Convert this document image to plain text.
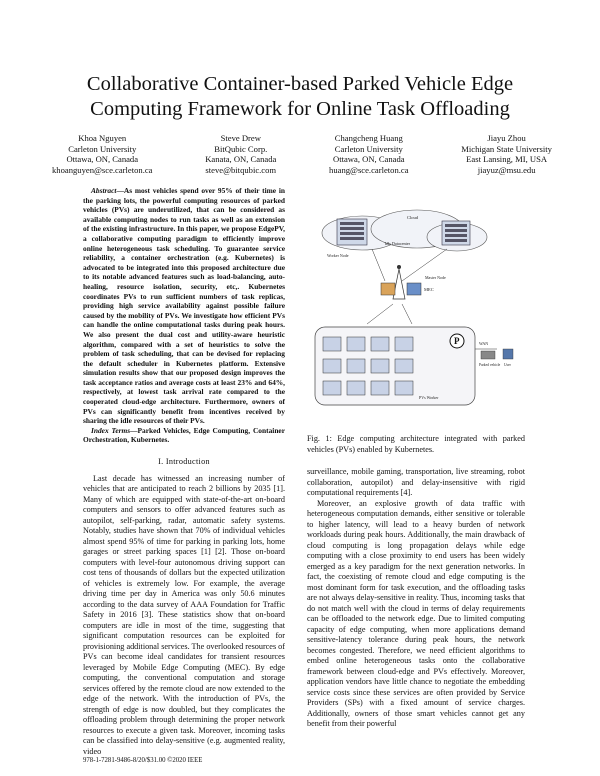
Collaborative Container-based Parked Vehicle Edge
Computing Framework for Online Task Offloading
Khoa Nguyen
Carleton University
Ottawa, ON, Canada
khoanguyen@sce.carleton.ca
Steve Drew
BitQubic Corp.
Kanata, ON, Canada
steve@bitqubic.com
Changcheng Huang
Carleton University
Ottawa, ON, Canada
huang@sce.carleton.ca
Jiayu Zhou
Michigan State University
East Lansing, MI, USA
jiayuz@msu.edu

Abstract—As most vehicles spend over 95% of their time in the parking lots, the powerful computing resources of parked vehicles (PVs) are underutilized, that can be considered as available computing nodes to run tasks as well as an extension of the existing infrastructure. In this paper, we propose EdgePV, a collaborative computing paradigm to efficiently improve online heterogeneous task scheduling. To guarantee service reliability, a container orchestration (e.g. Kubernetes) is advocated to be integrated into this proposed architecture due to its notable advanced features such as load-balancing, auto-healing, resource isolation, security, etc,. Kubernetes coordinates PVs to run sufficient numbers of task replicas, providing high service availability against possible failure caused by the mobility of PVs. We investigate how efficient PVs can handle the online computational tasks during peak hours. We also present the dual cost and utility-aware heuristic algorithm, compared with a set of heuristics to solve the problem of task scheduling, that can be devised for replacing the default scheduler in Kubernetes platform. Extensive simulation results show that our proposed design improves the task acceptance ratios and average costs at least 23% and 64%, respectively, at lowest task arrival rate compared to the cooperated cloud-edge architecture. Furthermore, owners of PVs can significantly benefit from incentives received by sharing the idle resources of their PVs.

Index Terms—Parked Vehicles, Edge Computing, Container Orchestration, Kubernetes.

I. Introduction

Last decade has witnessed an increasing number of vehicles that are anticipated to reach 2 billions by 2035 [1]. Many of which are equipped with state-of-the-art on-board computers and sensors to offer advanced features such as autopilot, self-parking, radar, automatic safety systems. Notably, studies have shown that 70% of individual vehicles almost spend 95% of time for parking in parking lots, home garages or street parking spaces [1] [2]. Those on-board computers with level-four autonomous driving support can cost tens of thousands of dollars but the expected utilization of vehicles is extremely low. For example, the average driving time per day in America was only 50.6 minutes according to the data survey of AAA Foundation for Traffic Safety in 2016 [3]. These statistics show that on-board computers are idle in most of the time, suggesting that significant computation resources can be exploited for provisioning additional services. The overlooked resources of PVs can become ideal candidates for transient resources leveraged by Mobile Edge Computing (MEC). By edge computing, the conventional computation and storage services offered by the remote cloud are now extended to the edge of the network. With the introduction of PVs, the strength of edge is now doubled, but they complicates the offloading problem through determining the proper network resources to execute a given task. Moreover, incoming tasks can be classified into delay-sensitive (e.g. augmented reality, video

k8s Datacenter
Cloud
MEC
Master Node
PVs Worker
P	WAN
Parked vehicle User
Worker Node
Fig. 1: Edge computing architecture integrated with parked vehicles (PVs) enabled by Kubernetes.

surveillance, mobile gaming, transportation, live streaming, robot collaboration, autopilot) and delay-insensitive with rigid computational requirements [4].

Moreover, an explosive growth of data traffic with heterogeneous computation demands, either sensitive or tolerable to higher latency, will lead to a heavy burden of network workloads during peak hours. Additionally, the main drawback of cloud computing is long propagation delays while edge computing with a close proximity to end users has been widely emerged as a key paradigm for the next generation networks. In fact, the coexisting of remote cloud and edge computing is the most dominant form for task execution, and the offloading tasks are not always delay-sensitive in reality. Thus, incoming tasks that do not match well with the cloud in terms of delay requirements can be offloaded to the network edge. Due to limited computing capacity of edge computing, when more applications demand sensitive-latency tolerance during peak hours, the network becomes congested. Therefore, we need efficient algorithms to embed online heterogeneous tasks onto the collaborative framework between cloud-edge and PVs effectively. Moreover, application vendors have little chance to negotiate the embedding service costs since these services are often provided by Service Providers (SPs) with a fixed amount of service charges. Additionally, owners of those smart vehicles cannot get any benefit from their powerful

978-1-7281-9486-8/20/$31.00 ©2020 IEEE
